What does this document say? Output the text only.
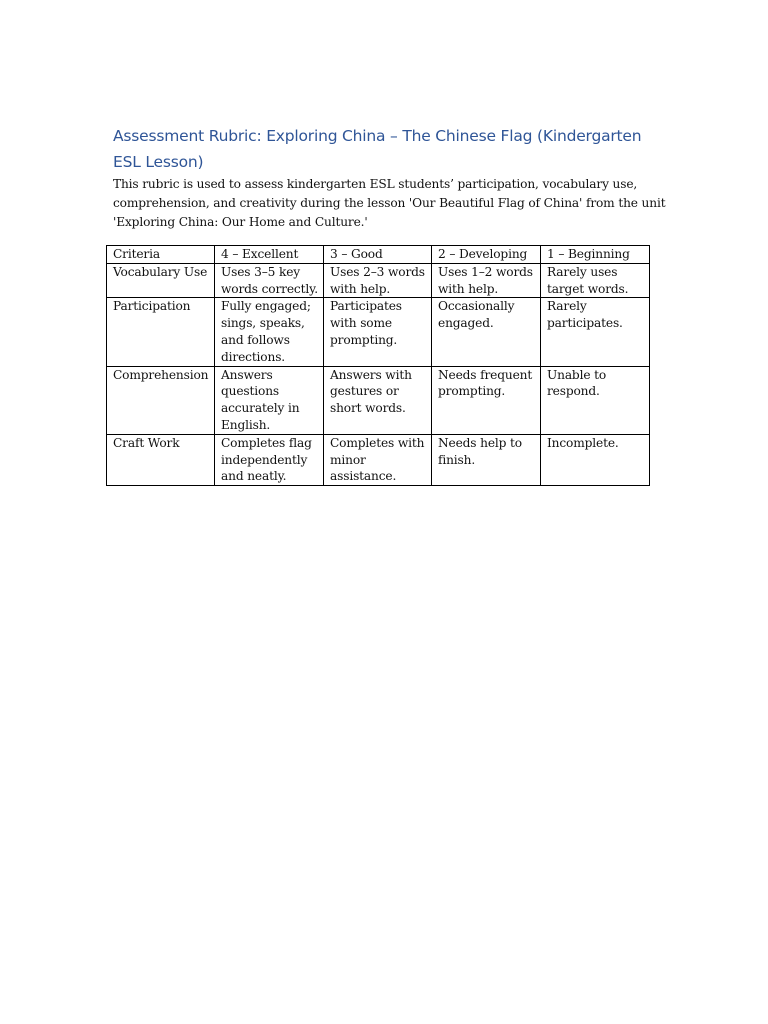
Assessment Rubric: Exploring China – The Chinese Flag (Kindergarten ESL Lesson)

This rubric is used to assess kindergarten ESL students’ participation, vocabulary use, comprehension, and creativity during the lesson 'Our Beautiful Flag of China' from the unit 'Exploring China: Our Home and Culture.'

Criteria	4 – Excellent	3 – Good	2 – Developing	1 – Beginning
Vocabulary Use	Uses 3–5 key words correctly.	Uses 2–3 words with help.	Uses 1–2 words with help.	Rarely uses target words.
Participation	Fully engaged; sings, speaks, and follows directions.	Participates with some prompting.	Occasionally engaged.	Rarely participates.
Comprehension	Answers questions accurately in English.	Answers with gestures or short words.	Needs frequent prompting.	Unable to respond.
Craft Work	Completes flag independently and neatly.	Completes with minor assistance.	Needs help to finish.	Incomplete.
